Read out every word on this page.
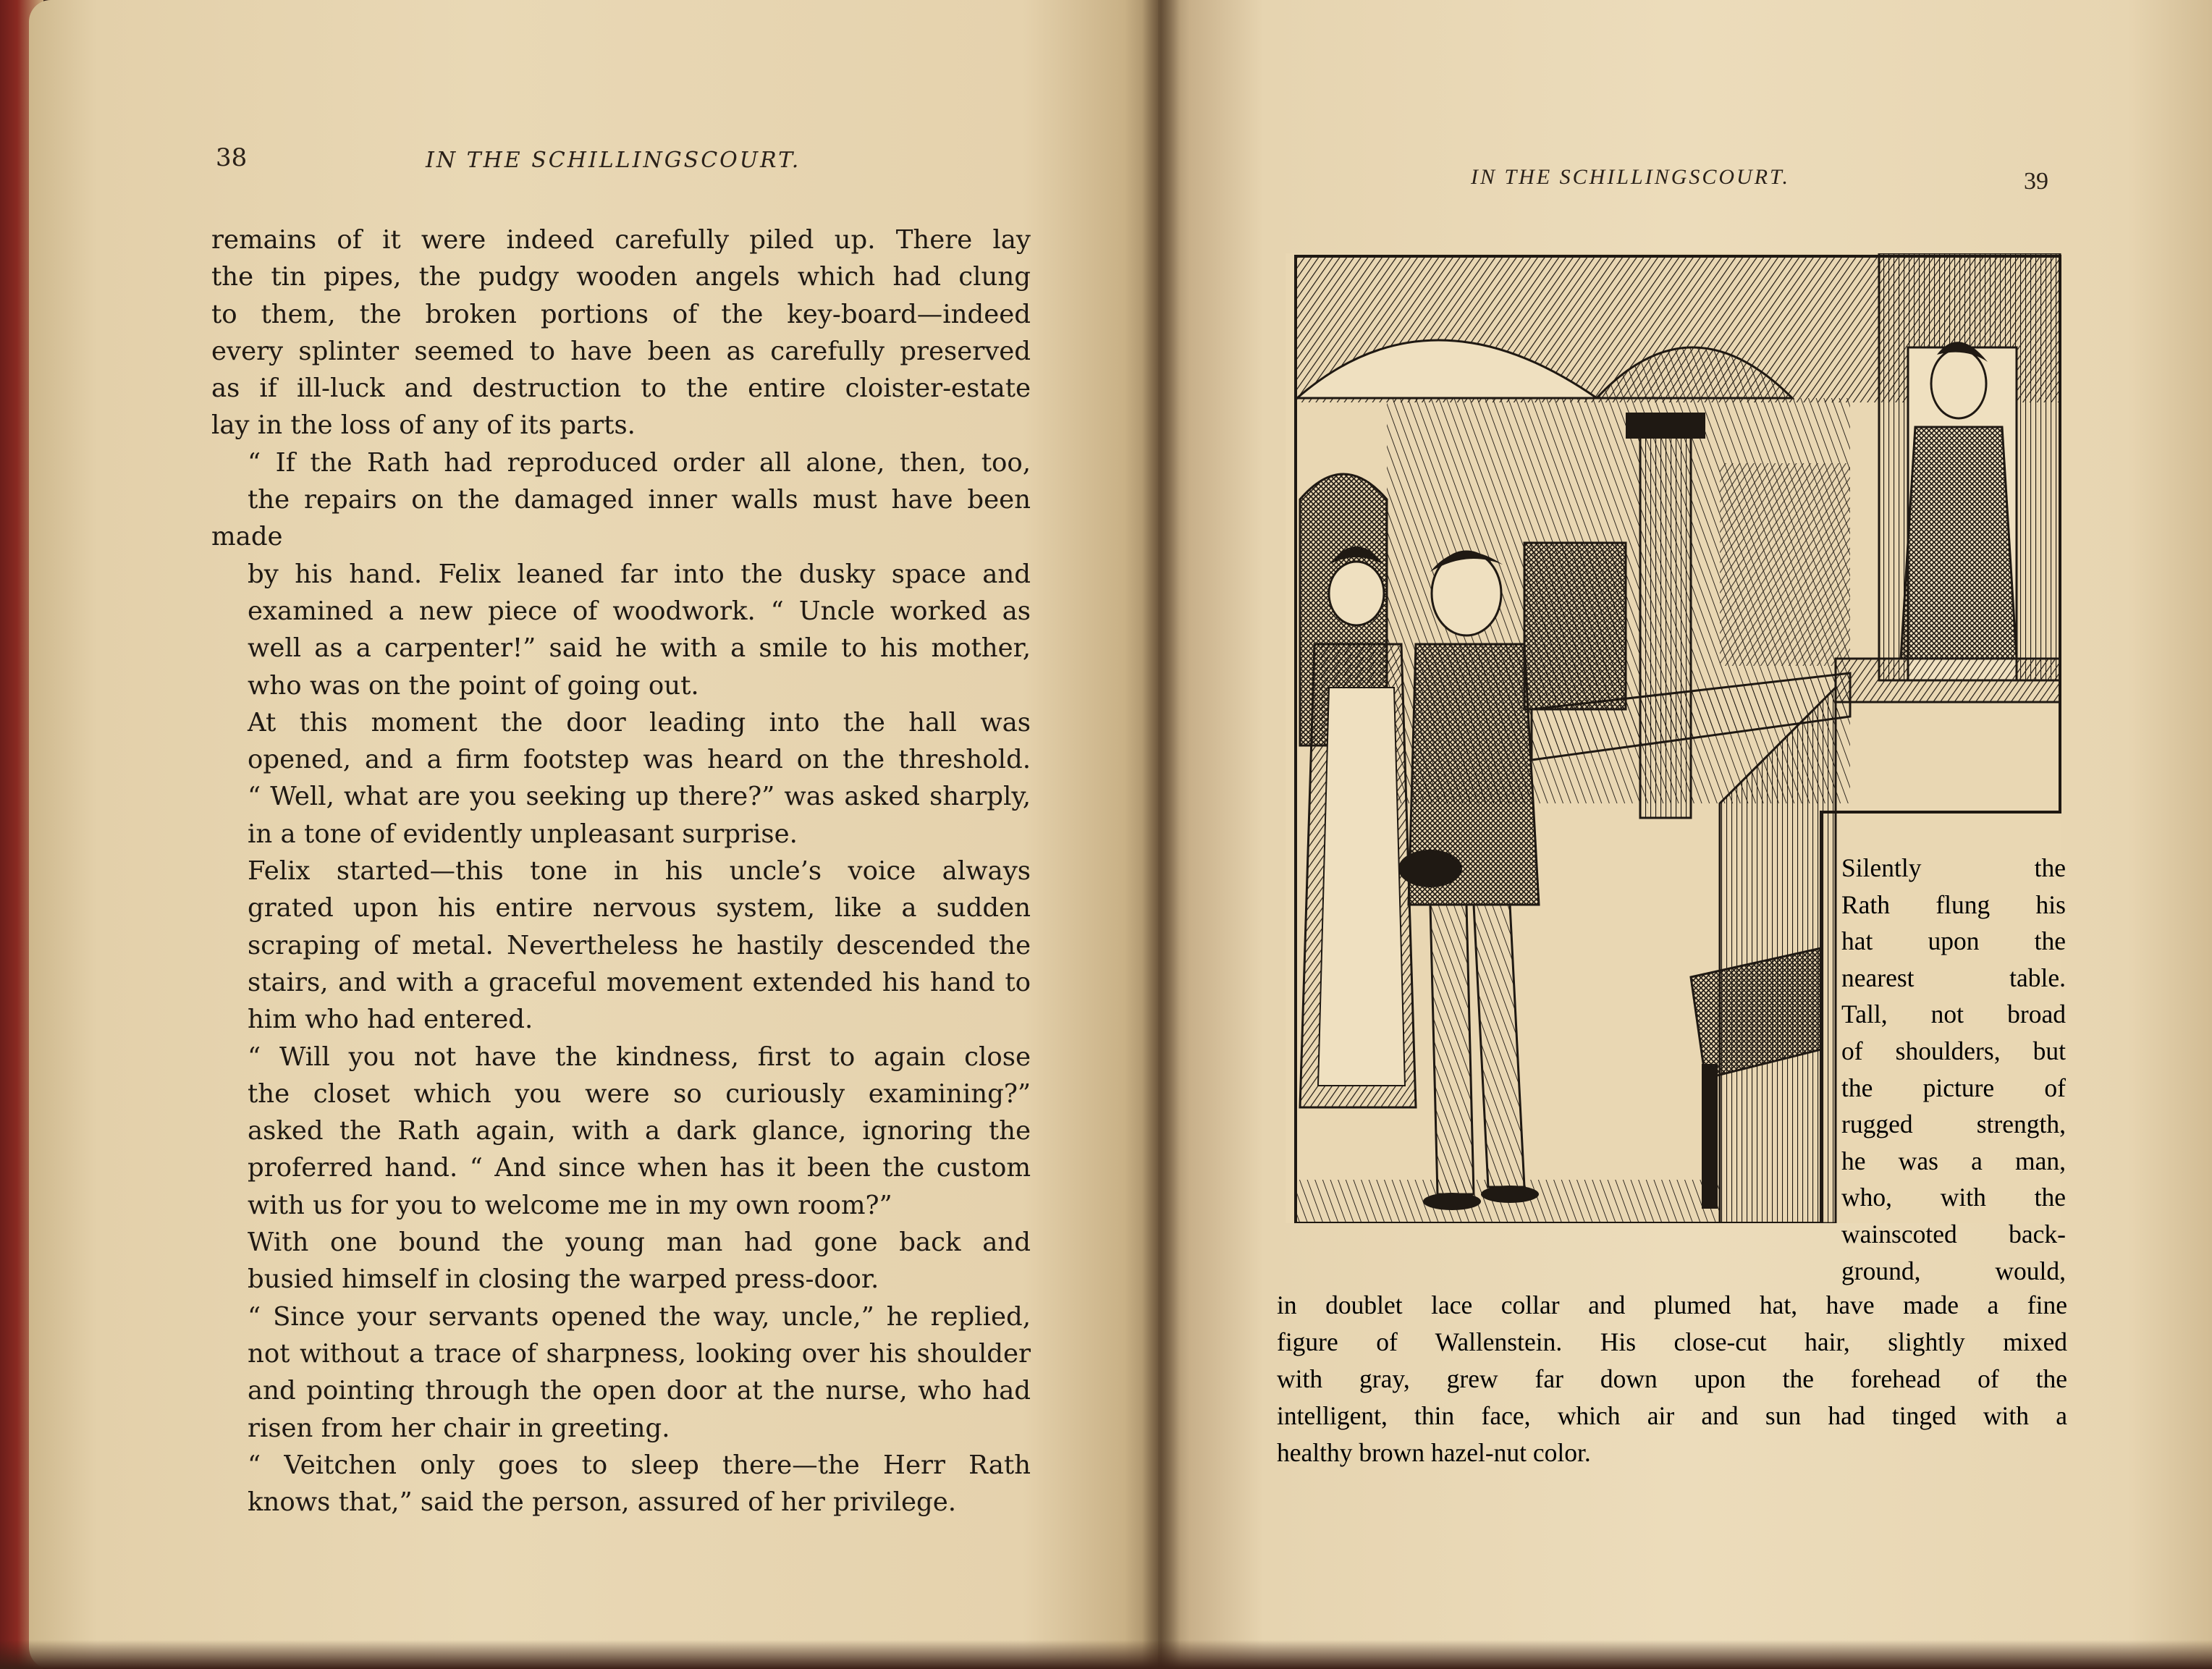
38	IN THE SCHILLINGSCOURT.

remains of it were indeed carefully piled up. There lay
the tin pipes, the pudgy wooden angels which had clung
to them, the broken portions of the key-board—indeed
every splinter seemed to have been as carefully preserved
as if ill-luck and destruction to the entire cloister-estate
lay in the loss of any of its parts.

“ If the Rath had reproduced order all alone, then, too,
the repairs on the damaged inner walls must have been made
by his hand. Felix leaned far into the dusky space and
examined a new piece of woodwork. “ Uncle worked as
well as a carpenter!” said he with a smile to his mother,
who was on the point of going out.

At this moment the door leading into the hall was
opened, and a firm footstep was heard on the threshold.
“ Well, what are you seeking up there?” was asked sharply,
in a tone of evidently unpleasant surprise.

Felix started—this tone in his uncle’s voice always
grated upon his entire nervous system, like a sudden
scraping of metal. Nevertheless he hastily descended the
stairs, and with a graceful movement extended his hand to
him who had entered.

“ Will you not have the kindness, first to again close
the closet which you were so curiously examining?”
asked the Rath again, with a dark glance, ignoring the
proferred hand. “ And since when has it been the custom
with us for you to welcome me in my own room?”

With one bound the young man had gone back and
busied himself in closing the warped press-door.

“ Since your servants opened the way, uncle,” he replied,
not without a trace of sharpness, looking over his shoulder
and pointing through the open door at the nurse, who had
risen from her chair in greeting.

“ Veitchen only goes to sleep there—the Herr Rath
knows that,” said the person, assured of her privilege.

IN THE SCHILLINGSCOURT.	39
Silently the
Rath flung his
hat upon the
nearest table.
Tall, not broad
of shoulders, but
the picture of
rugged strength,
he was a man,
who, with the
wainscoted back-
ground, would,
in doublet lace collar and plumed hat, have made a fine
figure of Wallenstein. His close-cut hair, slightly mixed
with gray, grew far down upon the forehead of the
intelligent, thin face, which air and sun had tinged with a
healthy brown hazel-nut color.
